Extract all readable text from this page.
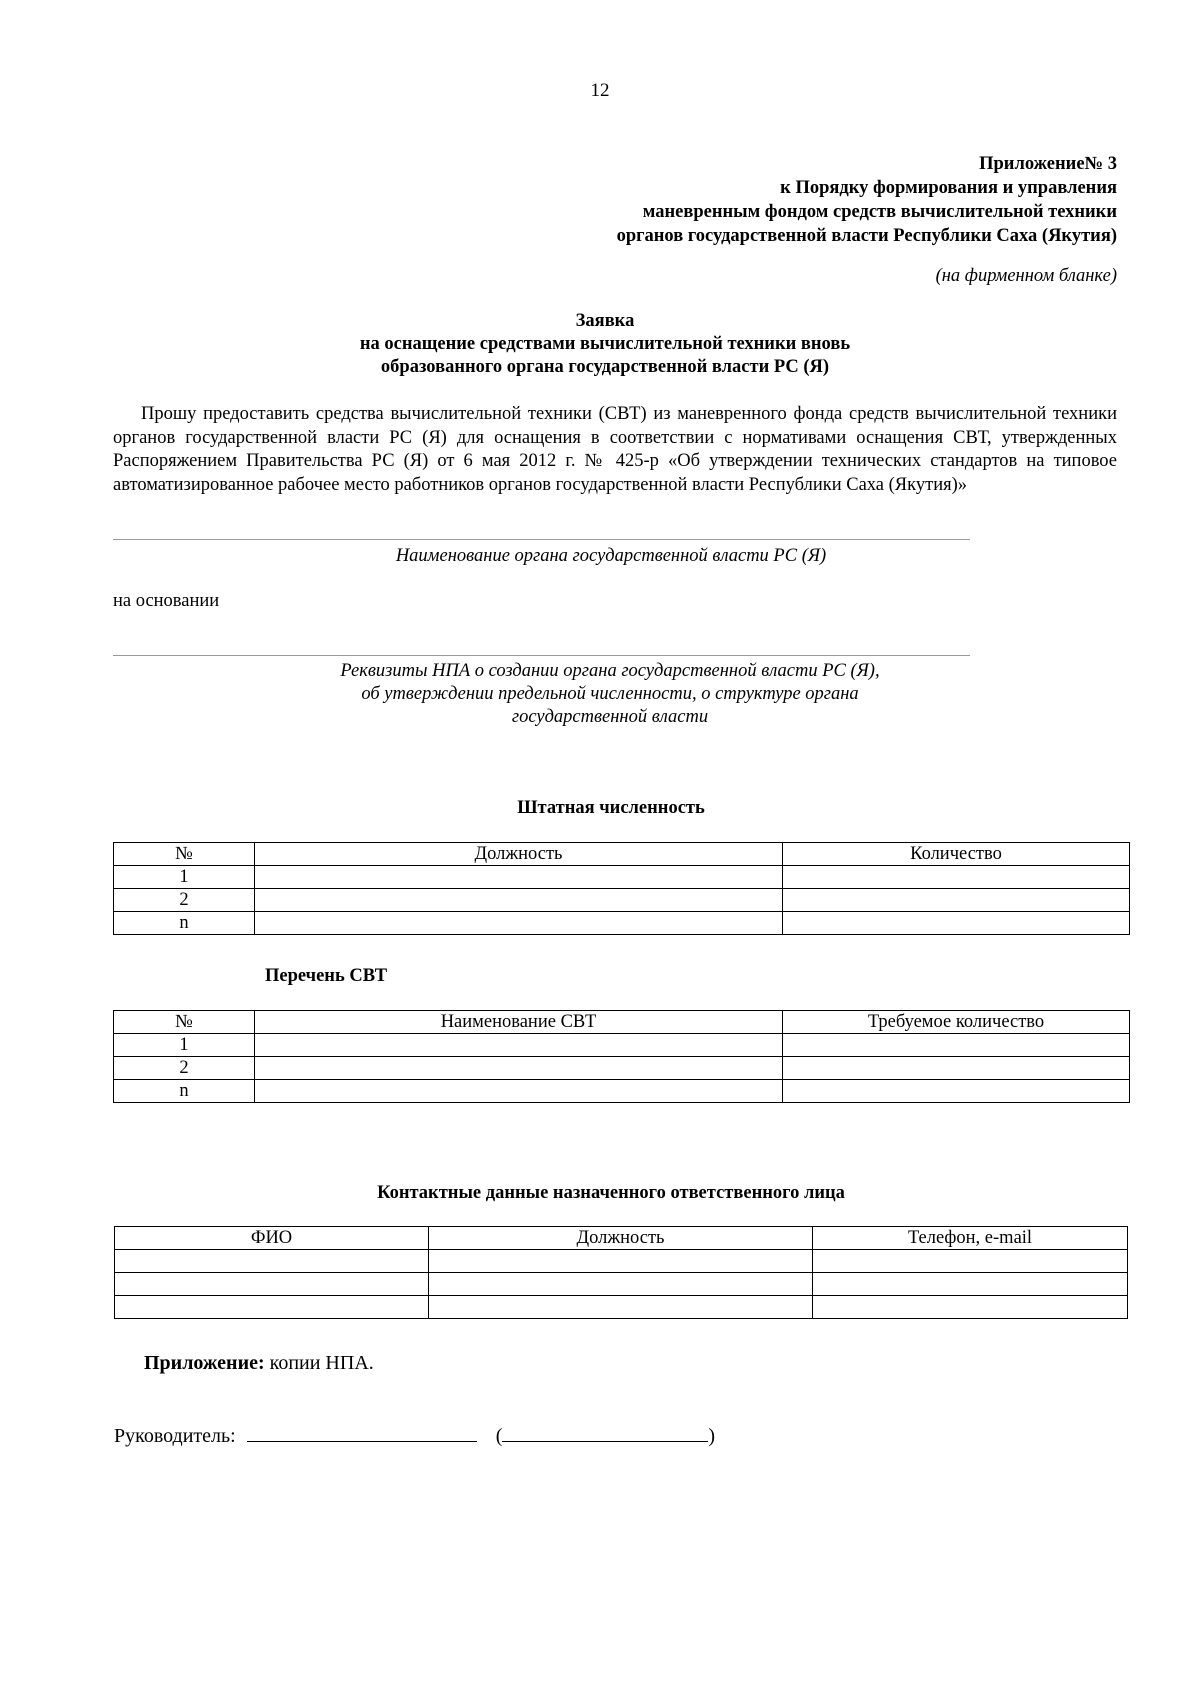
12
Приложение№ 3
к Порядку формирования и управления
маневренным фондом средств вычислительной техники
органов государственной власти Республики Саха (Якутия)
(на фирменном бланке)
Заявка
на оснащение средствами вычислительной техники вновь
образованного органа государственной власти РС (Я)
Прошу предоставить средства вычислительной техники (СВТ) из маневренного фонда средств вычислительной техники органов государственной власти РС (Я) для оснащения в соответствии с нормативами оснащения СВТ, утвержденных Распоряжением Правительства РС (Я) от 6 мая 2012 г. № 425-р «Об утверждении технических стандартов на типовое автоматизированное рабочее место работников органов государственной власти Республики Саха (Якутия)»
Наименование органа государственной власти РС (Я)
на основании
Реквизиты НПА о создании органа государственной власти РС (Я),
об утверждении предельной численности, о структуре органа
государственной власти
Штатная численность
№	Должность	Количество
1		
2		
n		
Перечень СВТ
№	Наименование СВТ	Требуемое количество
1		
2		
n		
Контактные данные назначенного ответственного лица
ФИО	Должность	Телефон, e-mail

Приложение: копии НПА.
Руководитель:	(	)
